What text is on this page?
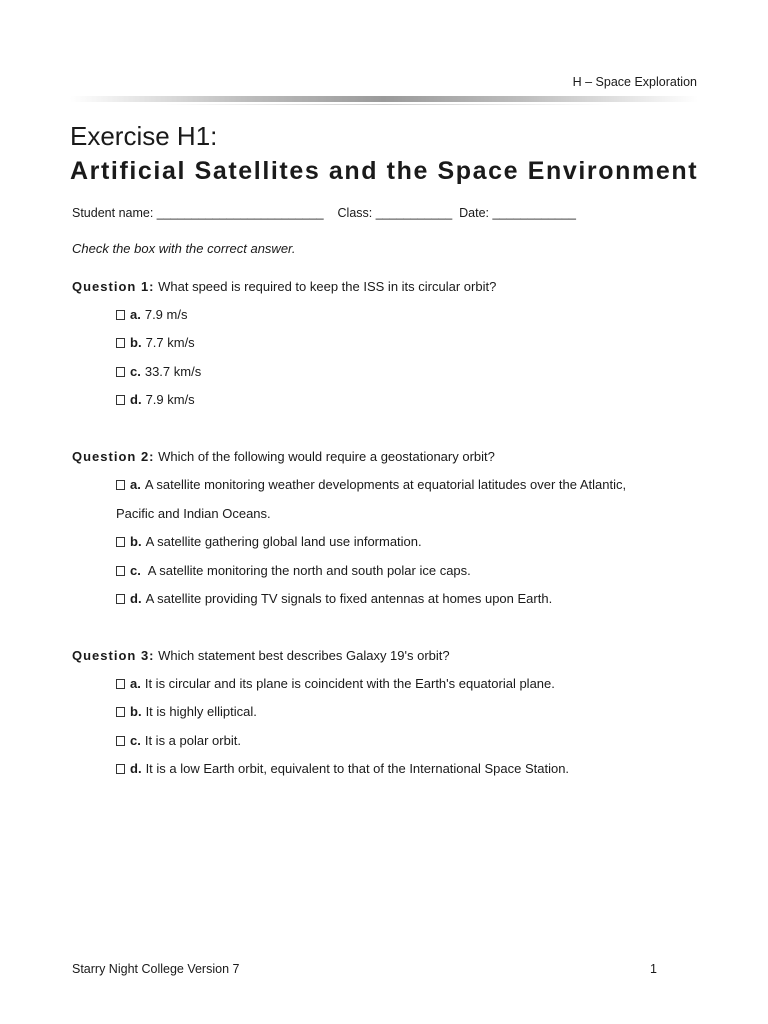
H – Space Exploration
Exercise H1:
Artificial Satellites and the Space Environment
Student name: ________________________    Class: ___________  Date: ____________
Check the box with the correct answer.
Question 1: What speed is required to keep the ISS in its circular orbit?
a. 7.9 m/s
b. 7.7 km/s
c. 33.7 km/s
d. 7.9 km/s
Question 2: Which of the following would require a geostationary orbit?
a. A satellite monitoring weather developments at equatorial latitudes over the Atlantic,
Pacific and Indian Oceans.
b. A satellite gathering global land use information.
c. A satellite monitoring the north and south polar ice caps.
d. A satellite providing TV signals to fixed antennas at homes upon Earth.
Question 3: Which statement best describes Galaxy 19's orbit?
a. It is circular and its plane is coincident with the Earth's equatorial plane.
b. It is highly elliptical.
c. It is a polar orbit.
d. It is a low Earth orbit, equivalent to that of the International Space Station.
Starry Night College Version 7	1
